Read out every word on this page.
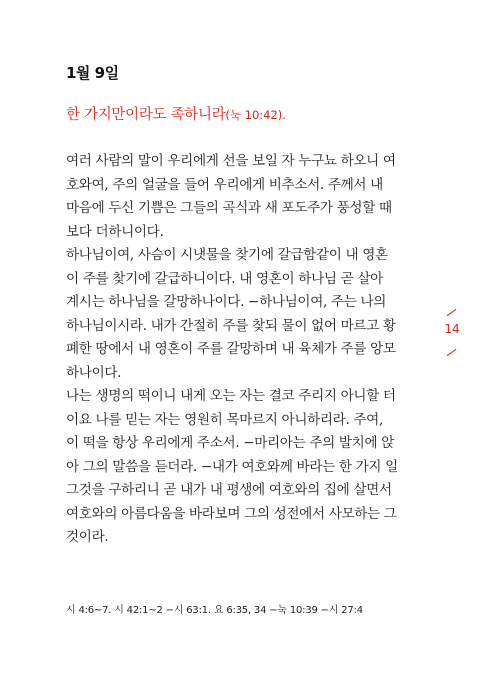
1월 9일
한 가지만이라도 족하니라(눅 10:42).

여러 사람의 말이 우리에게 선을 보일 자 누구뇨 하오니 여

호와여, 주의 얼굴을 들어 우리에게 비추소서. 주께서 내

마음에 두신 기쁨은 그들의 곡식과 새 포도주가 풍성할 때

보다 더하니이다.

하나님이여, 사슴이 시냇물을 찾기에 갈급함같이 내 영혼

이 주를 찾기에 갈급하니이다. 내 영혼이 하나님 곧 살아

계시는 하나님을 갈망하나이다. −하나님이여, 주는 나의

하나님이시라. 내가 간절히 주를 찾되 물이 없어 마르고 황

폐한 땅에서 내 영혼이 주를 갈망하며 내 육체가 주를 앙모

하나이다.

나는 생명의 떡이니 내게 오는 자는 결코 주리지 아니할 터

이요 나를 믿는 자는 영원히 목마르지 아니하리라. 주여,

이 떡을 항상 우리에게 주소서. −마리아는 주의 발치에 앉

아 그의 말씀을 듣더라. −내가 여호와께 바라는 한 가지 일

그것을 구하리니 곧 내가 내 평생에 여호와의 집에 살면서

여호와의 아름다움을 바라보며 그의 성전에서 사모하는 그

것이라.

14
시 4:6~7. 시 42:1~2 −시 63:1. 요 6:35, 34 −눅 10:39 −시 27:4
